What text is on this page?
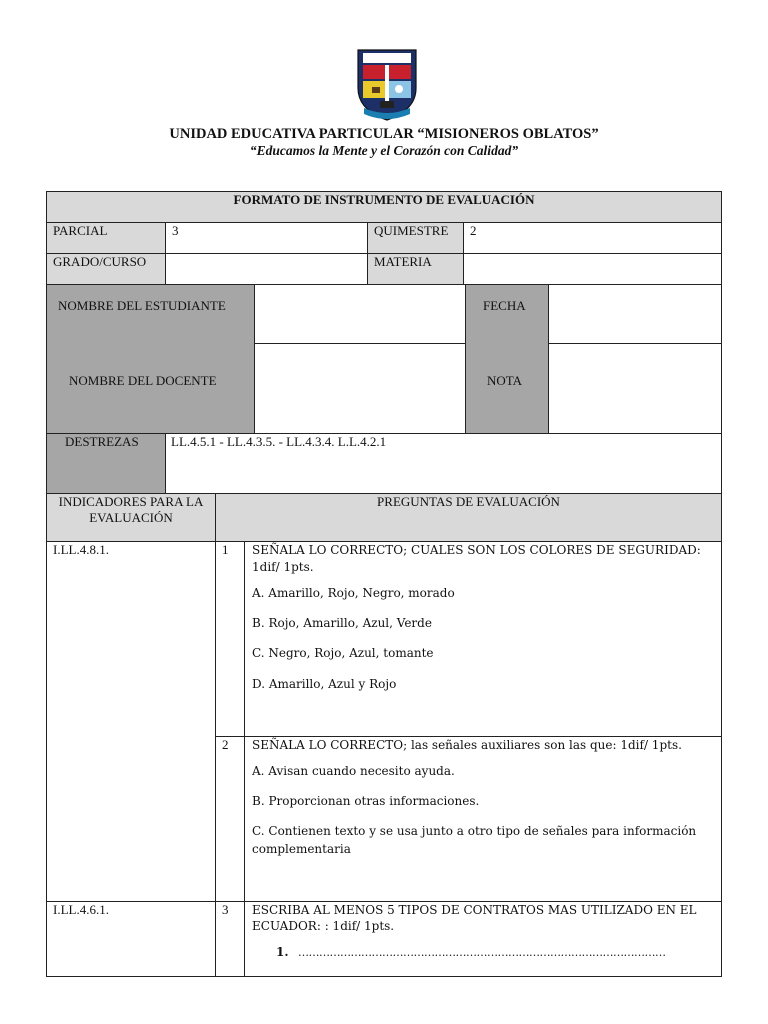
UNIDAD EDUCATIVA PARTICULAR “MISIONEROS OBLATOS”
“Educamos la Mente y el Corazón con Calidad”
FORMATO DE INSTRUMENTO DE EVALUACIÓN
PARCIAL	3	QUIMESTRE 2
GRADO/CURSO	MATERIA
NOMBRE DEL ESTUDIANTE	FECHA
NOMBRE DEL DOCENTE	NOTA
DESTREZAS LL.4.5.1 - LL.4.3.5. - LL.4.3.4. L.L.4.2.1
INDICADORES PARA LA EVALUACIÓN
PREGUNTAS DE EVALUACIÓN
I.LL.4.8.1.	1 SEÑALA LO CORRECTO; CUALES SON LOS COLORES DE SEGURIDAD:
1dif/ 1pts.
A. Amarillo, Rojo, Negro, morado
B. Rojo, Amarillo, Azul, Verde
C. Negro, Rojo, Azul, tomante
D. Amarillo, Azul y Rojo
2 SEÑALA LO CORRECTO; las señales auxiliares son las que: 1dif/ 1pts.
A. Avisan cuando necesito ayuda.
B. Proporcionan otras informaciones.
C. Contienen texto y se usa junto a otro tipo de señales para información
complementaria
I.LL.4.6.1.	3 ESCRIBA AL MENOS 5 TIPOS DE CONTRATOS MAS UTILIZADO EN EL
ECUADOR: : 1dif/ 1pts.
1. ……………………………………………………………………………………………
